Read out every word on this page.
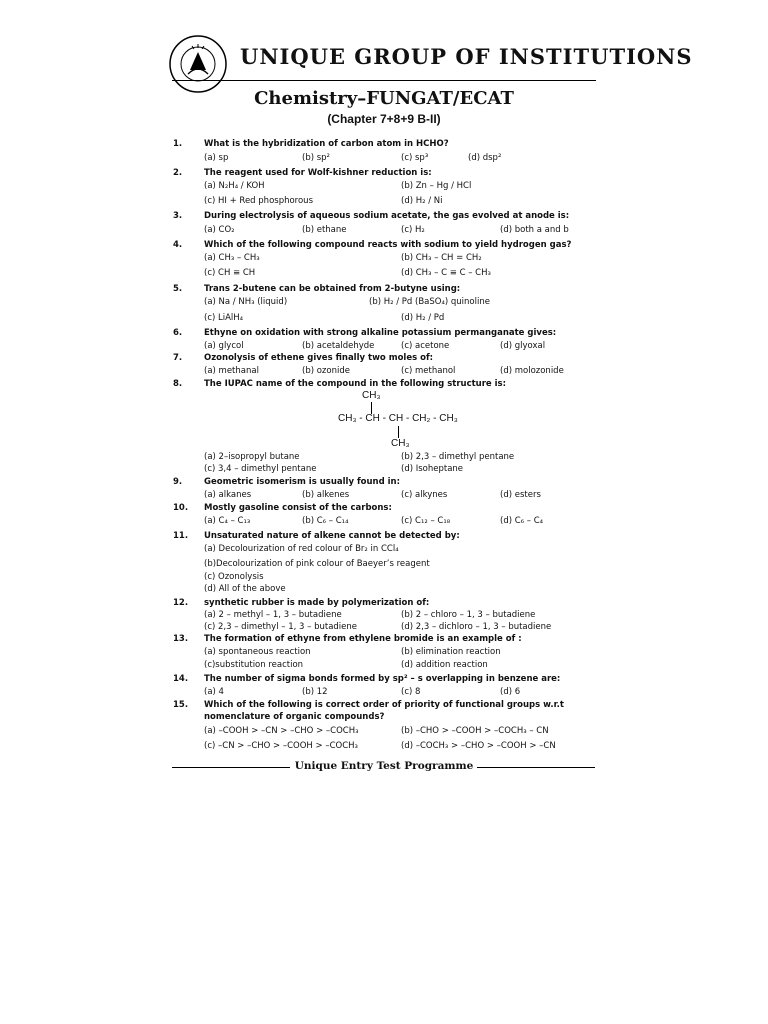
UNIQUE GROUP OF INSTITUTIONS
Chemistry–FUNGAT/ECAT
(Chapter 7+8+9 B-II)
1.	What is the hybridization of carbon atom in HCHO?
(a) sp	(b) sp²	(c) sp³	(d) dsp²
2.	The reagent used for Wolf-kishner reduction is:
(a) N₂H₄ / KOH	(b) Zn – Hg / HCl
(c) HI + Red phosphorous	(d) H₂ / Ni
3.	During electrolysis of aqueous sodium acetate, the gas evolved at anode is:
(a) CO₂	(b) ethane	(c) H₂	(d) both a and b
4.	Which of the following compound reacts with sodium to yield hydrogen gas?
(a) CH₃ – CH₃	(b) CH₃ – CH = CH₂
(c) CH ≡ CH	(d) CH₃ – C ≡ C – CH₃
5.	Trans 2-butene can be obtained from 2-butyne using:
(a) Na / NH₃ (liquid)	(b) H₂ / Pd (BaSO₄) quinoline
(c) LiAlH₄	(d) H₂ / Pd
6.	Ethyne on oxidation with strong alkaline potassium permanganate gives:
(a) glycol	(b) acetaldehyde	(c) acetone	(d) glyoxal
7.	Ozonolysis of ethene gives finally two moles of:
(a) methanal	(b) ozonide	(c) methanol	(d) molozonide
8.	The IUPAC name of the compound in the following structure is:
CH₃
CH₃ - CH - CH - CH₂ - CH₃
CH₃
(a) 2–isopropyl butane	(b) 2,3 – dimethyl pentane
(c) 3,4 – dimethyl pentane	(d) Isoheptane
9.	Geometric isomerism is usually found in:
(a) alkanes	(b) alkenes	(c) alkynes	(d) esters
10. Mostly gasoline consist of the carbons:
(a) C₄ – C₁₃	(b) C₆ – C₁₄	(c) C₁₂ – C₁₈	(d) C₆ – C₄
11. Unsaturated nature of alkene cannot be detected by:
(a) Decolourization of red colour of Br₂ in CCl₄
(b)Decolourization of pink colour of Baeyer’s reagent
(c) Ozonolysis
(d) All of the above
12. synthetic rubber is made by polymerization of:
(a) 2 – methyl – 1, 3 – butadiene	(b) 2 – chloro – 1, 3 – butadiene
(c) 2,3 – dimethyl – 1, 3 – butadiene	(d) 2,3 – dichloro – 1, 3 – butadiene
13. The formation of ethyne from ethylene bromide is an example of :
(a) spontaneous reaction	(b) elimination reaction
(c)substitution reaction	(d) addition reaction
14. The number of sigma bonds formed by sp² – s overlapping in benzene are:
(a) 4	(b) 12	(c) 8	(d) 6
15. Which of the following is correct order of priority of functional groups w.r.t
nomenclature of organic compounds?
(a) –COOH > –CN > –CHO > –COCH₃	(b) –CHO > –COOH > –COCH₃ – CN
(c) –CN > –CHO > –COOH > –COCH₃	(d) –COCH₃ > –CHO > –COOH > –CN
Unique Entry Test Programme
